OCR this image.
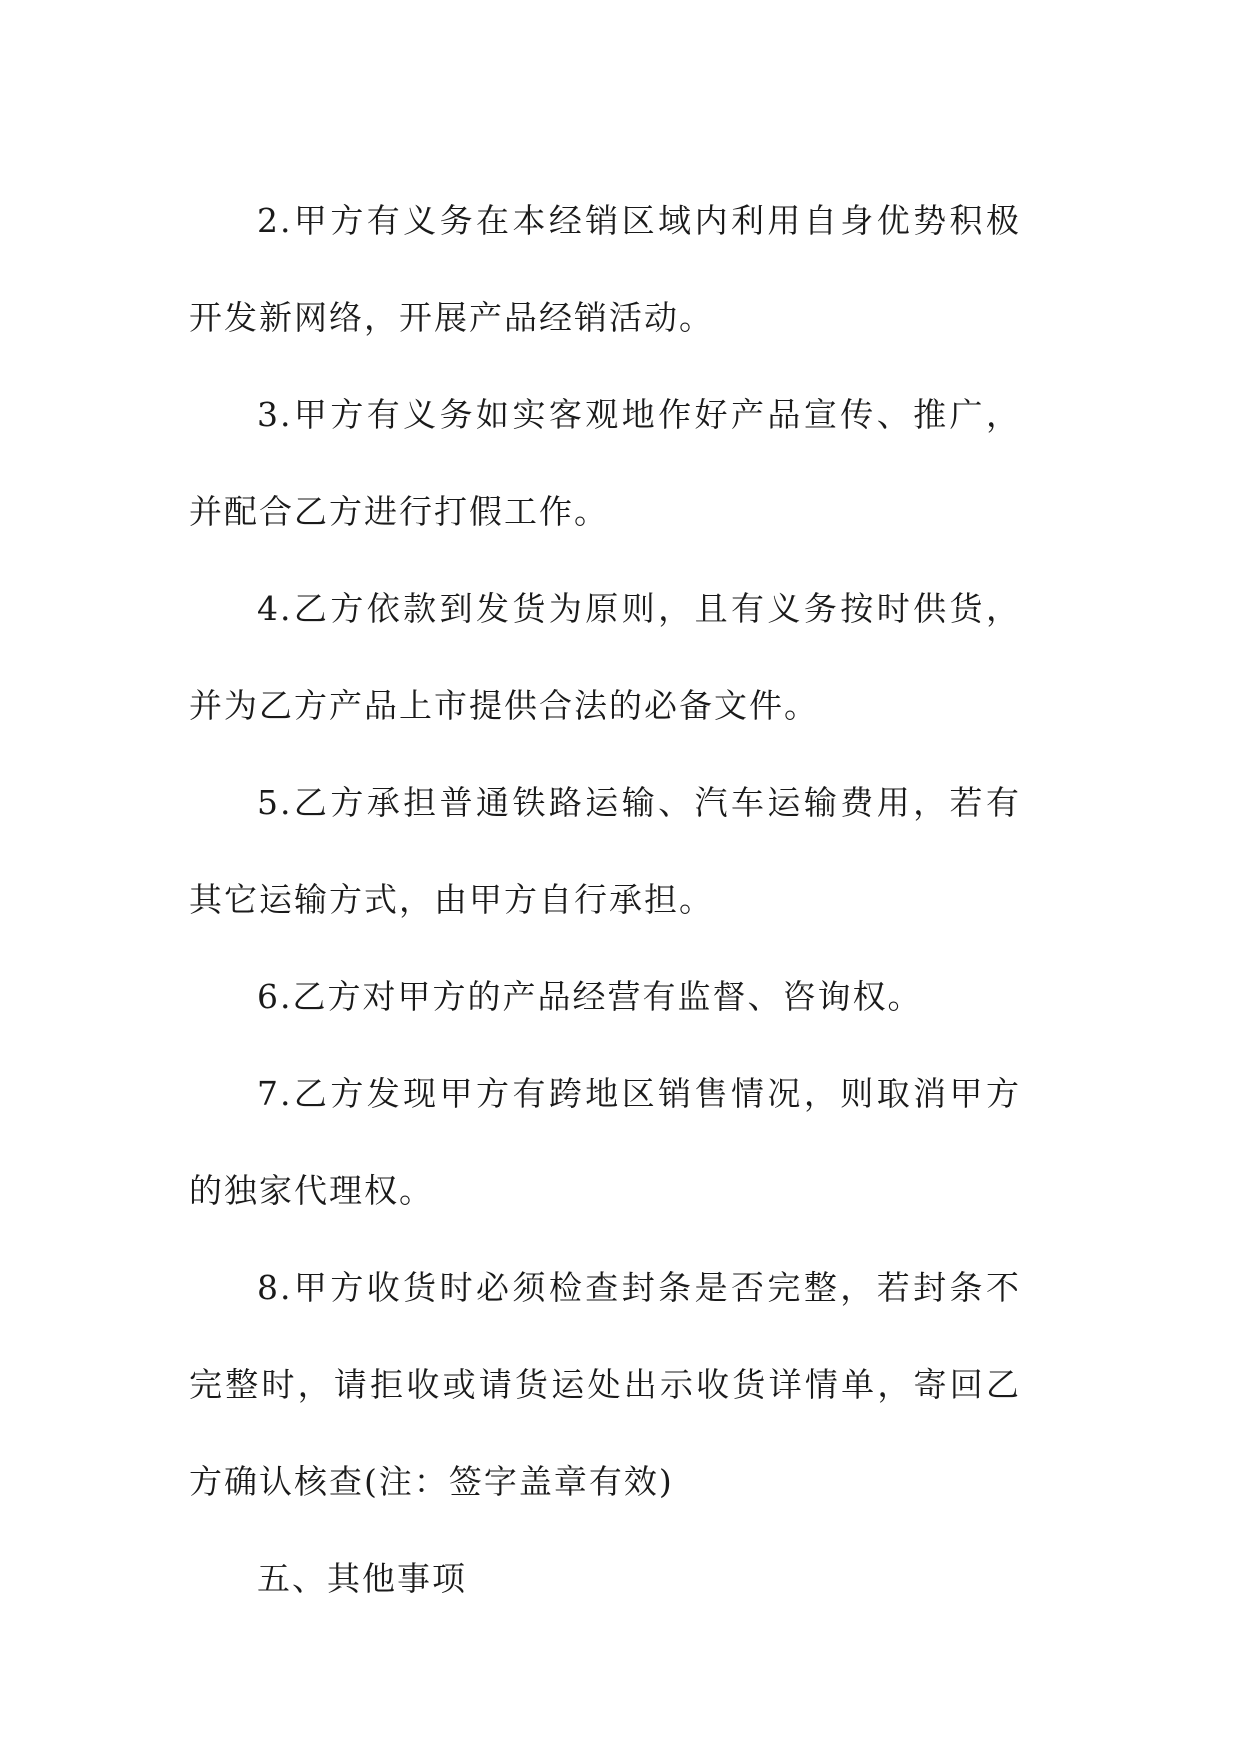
2.甲方有义务在本经销区域内利用自身优势积极开发新网络，开展产品经销活动。

3.甲方有义务如实客观地作好产品宣传、推广，并配合乙方进行打假工作。

4.乙方依款到发货为原则，且有义务按时供货，并为乙方产品上市提供合法的必备文件。

5.乙方承担普通铁路运输、汽车运输费用，若有其它运输方式，由甲方自行承担。

6.乙方对甲方的产品经营有监督、咨询权。

7.乙方发现甲方有跨地区销售情况，则取消甲方的独家代理权。

8.甲方收货时必须检查封条是否完整，若封条不完整时，请拒收或请货运处出示收货详情单，寄回乙方确认核查(注：签字盖章有效)

五、其他事项
